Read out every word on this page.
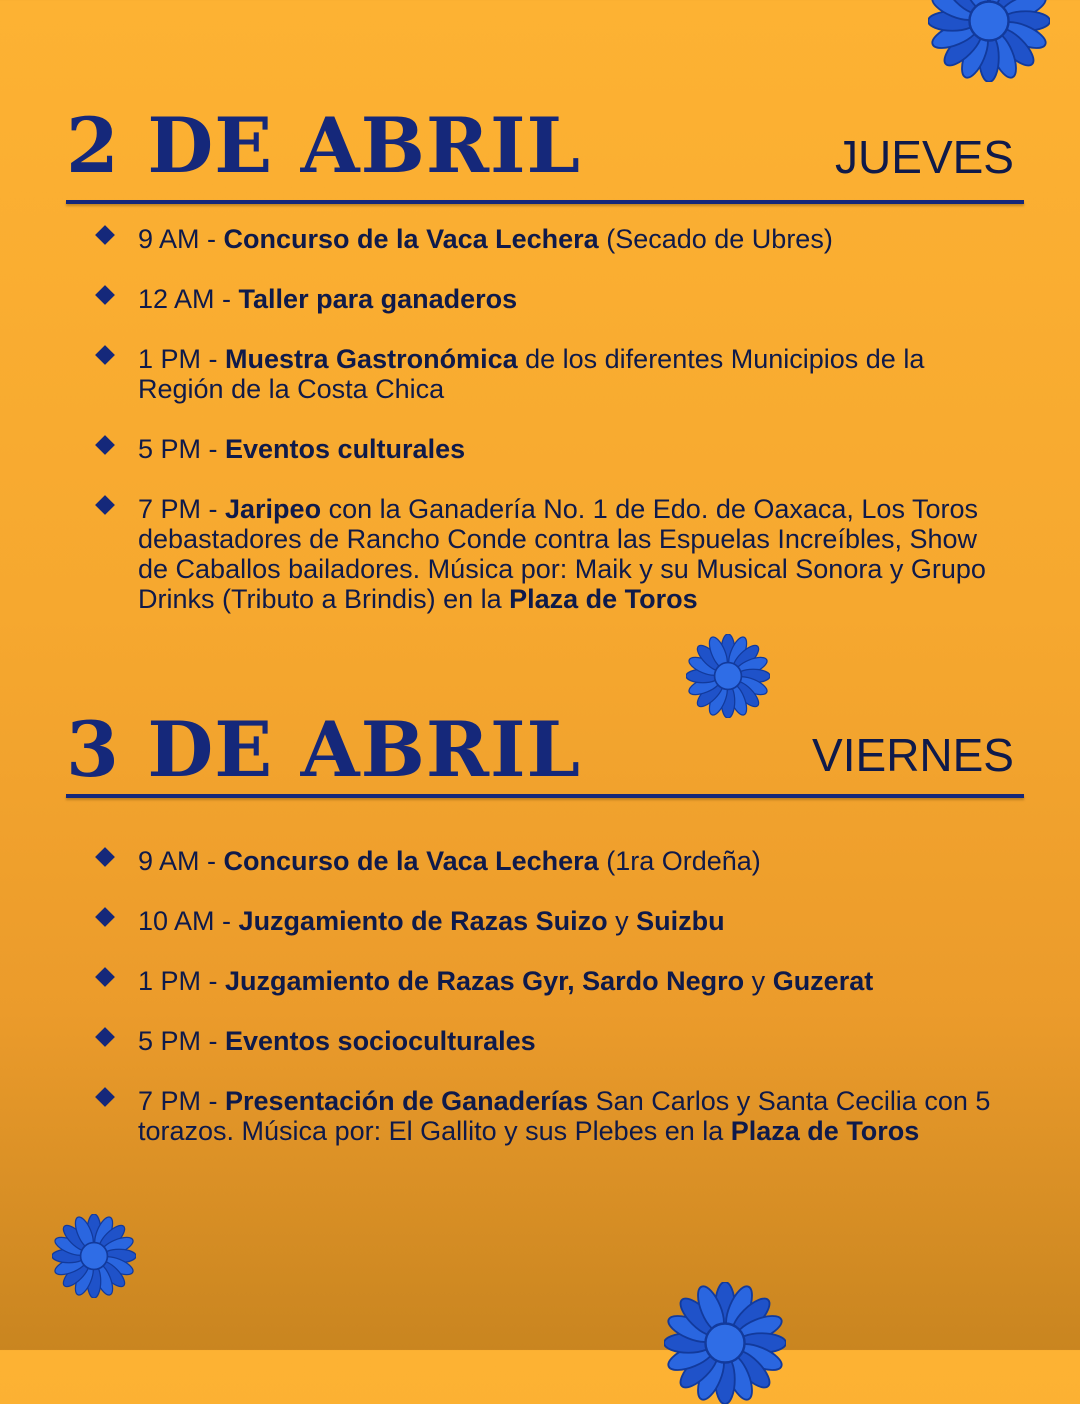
2 DE ABRIL	JUEVES
9 AM - Concurso de la Vaca Lechera (Secado de Ubres)
12 AM - Taller para ganaderos
1 PM - Muestra Gastronómica de los diferentes Municipios de la Región de la Costa Chica
5 PM - Eventos culturales
7 PM - Jaripeo con la Ganadería No. 1 de Edo. de Oaxaca, Los Toros debastadores de Rancho Conde contra las Espuelas Increíbles, Show de Caballos bailadores. Música por: Maik y su Musical Sonora y Grupo Drinks (Tributo a Brindis) en la Plaza de Toros
3 DE ABRIL	VIERNES
9 AM - Concurso de la Vaca Lechera (1ra Ordeña)
10 AM - Juzgamiento de Razas Suizo y Suizbu
1 PM - Juzgamiento de Razas Gyr, Sardo Negro y Guzerat
5 PM - Eventos socioculturales
7 PM - Presentación de Ganaderías San Carlos y Santa Cecilia con 5 torazos. Música por: El Gallito y sus Plebes en la Plaza de Toros
